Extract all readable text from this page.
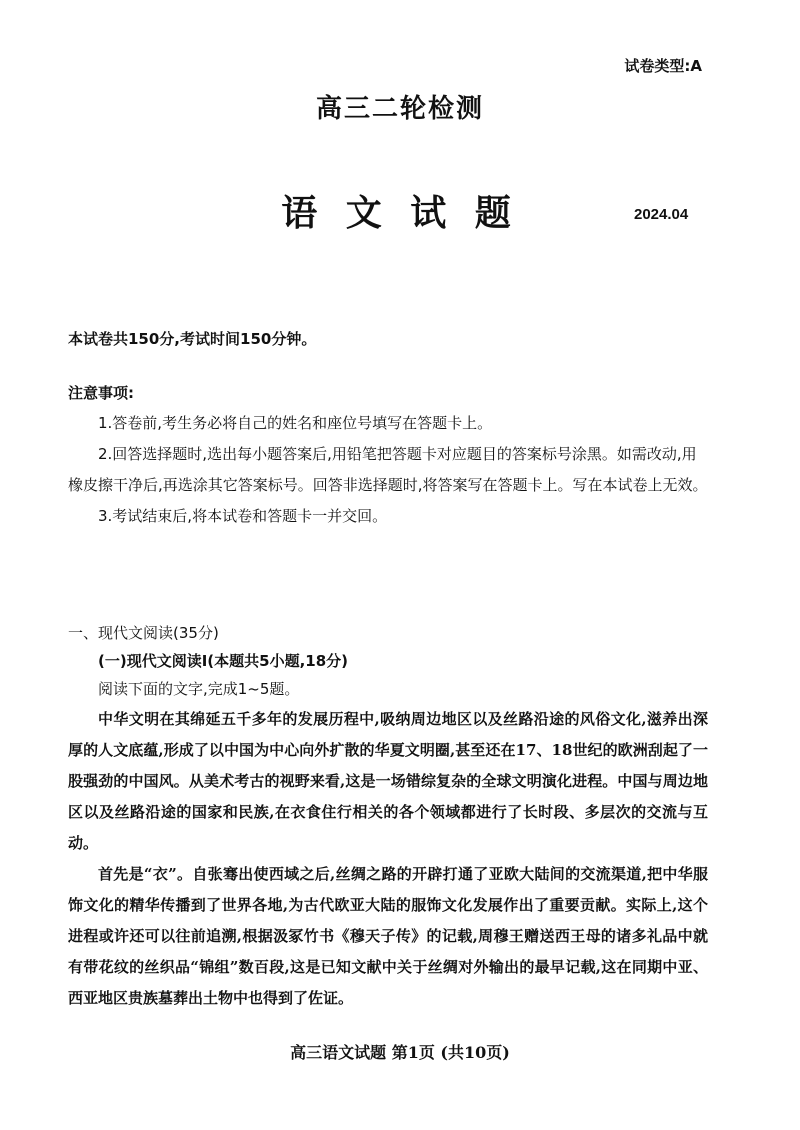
试卷类型:A
高三二轮检测
语 文 试 题	2024.04
本试卷共150分,考试时间150分钟。
注意事项:

1.答卷前,考生务必将自己的姓名和座位号填写在答题卡上。

2.回答选择题时,选出每小题答案后,用铅笔把答题卡对应题目的答案标号涂黑。如需改动,用橡皮擦干净后,再选涂其它答案标号。回答非选择题时,将答案写在答题卡上。写在本试卷上无效。

3.考试结束后,将本试卷和答题卡一并交回。

一、现代文阅读(35分)
(一)现代文阅读Ⅰ(本题共5小题,18分)
阅读下面的文字,完成1~5题。

中华文明在其绵延五千多年的发展历程中,吸纳周边地区以及丝路沿途的风俗文化,滋养出深厚的人文底蕴,形成了以中国为中心向外扩散的华夏文明圈,甚至还在17、18世纪的欧洲刮起了一股强劲的中国风。从美术考古的视野来看,这是一场错综复杂的全球文明演化进程。中国与周边地区以及丝路沿途的国家和民族,在衣食住行相关的各个领域都进行了长时段、多层次的交流与互动。

首先是“衣”。自张骞出使西域之后,丝绸之路的开辟打通了亚欧大陆间的交流渠道,把中华服饰文化的精华传播到了世界各地,为古代欧亚大陆的服饰文化发展作出了重要贡献。实际上,这个进程或许还可以往前追溯,根据汲冢竹书《穆天子传》的记载,周穆王赠送西王母的诸多礼品中就有带花纹的丝织品“锦组”数百段,这是已知文献中关于丝绸对外输出的最早记载,这在同期中亚、西亚地区贵族墓葬出土物中也得到了佐证。

高三语文试题 第1页 (共10页)
